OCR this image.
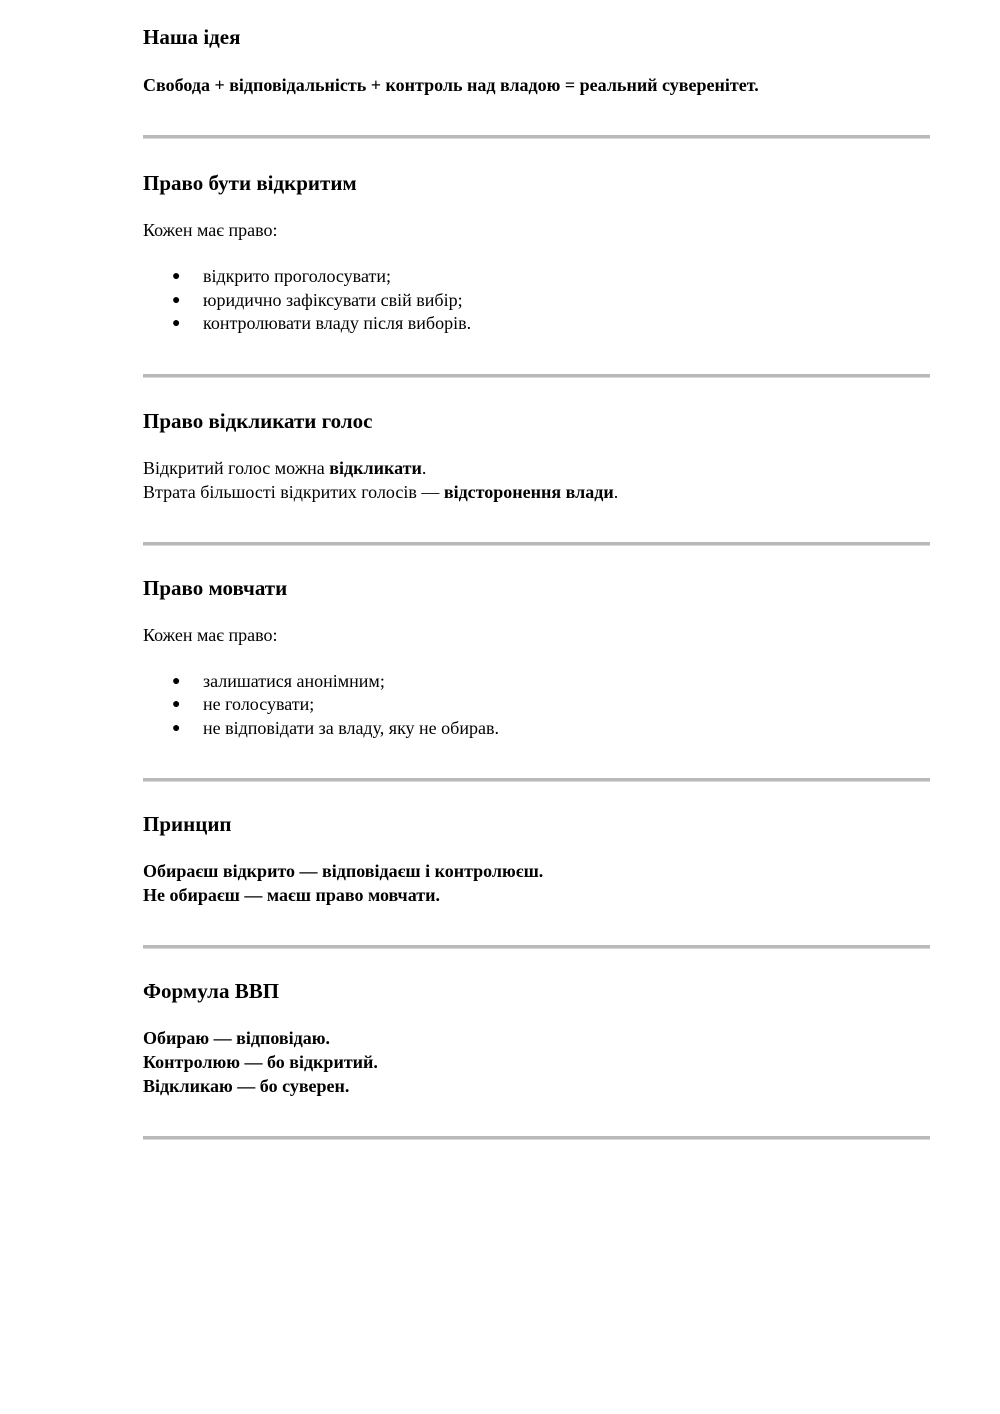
Наша ідея

Свобода + відповідальність + контроль над владою = реальний суверенітет.

Право бути відкритим

Кожен має право:

● відкрито проголосувати;
● юридично зафіксувати свій вибір;
● контролювати владу після виборів.
Право відкликати голос

Відкритий голос можна відкликати.

Втрата більшості відкритих голосів — відсторонення влади.

Право мовчати

Кожен має право:

● залишатися анонімним;
● не голосувати;
● не відповідати за владу, яку не обирав.
Принцип

Обираєш відкрито — відповідаєш і контролюєш.

Не обираєш — маєш право мовчати.

Формула ВВП

Обираю — відповідаю.

Контролюю — бо відкритий.

Відкликаю — бо суверен.
